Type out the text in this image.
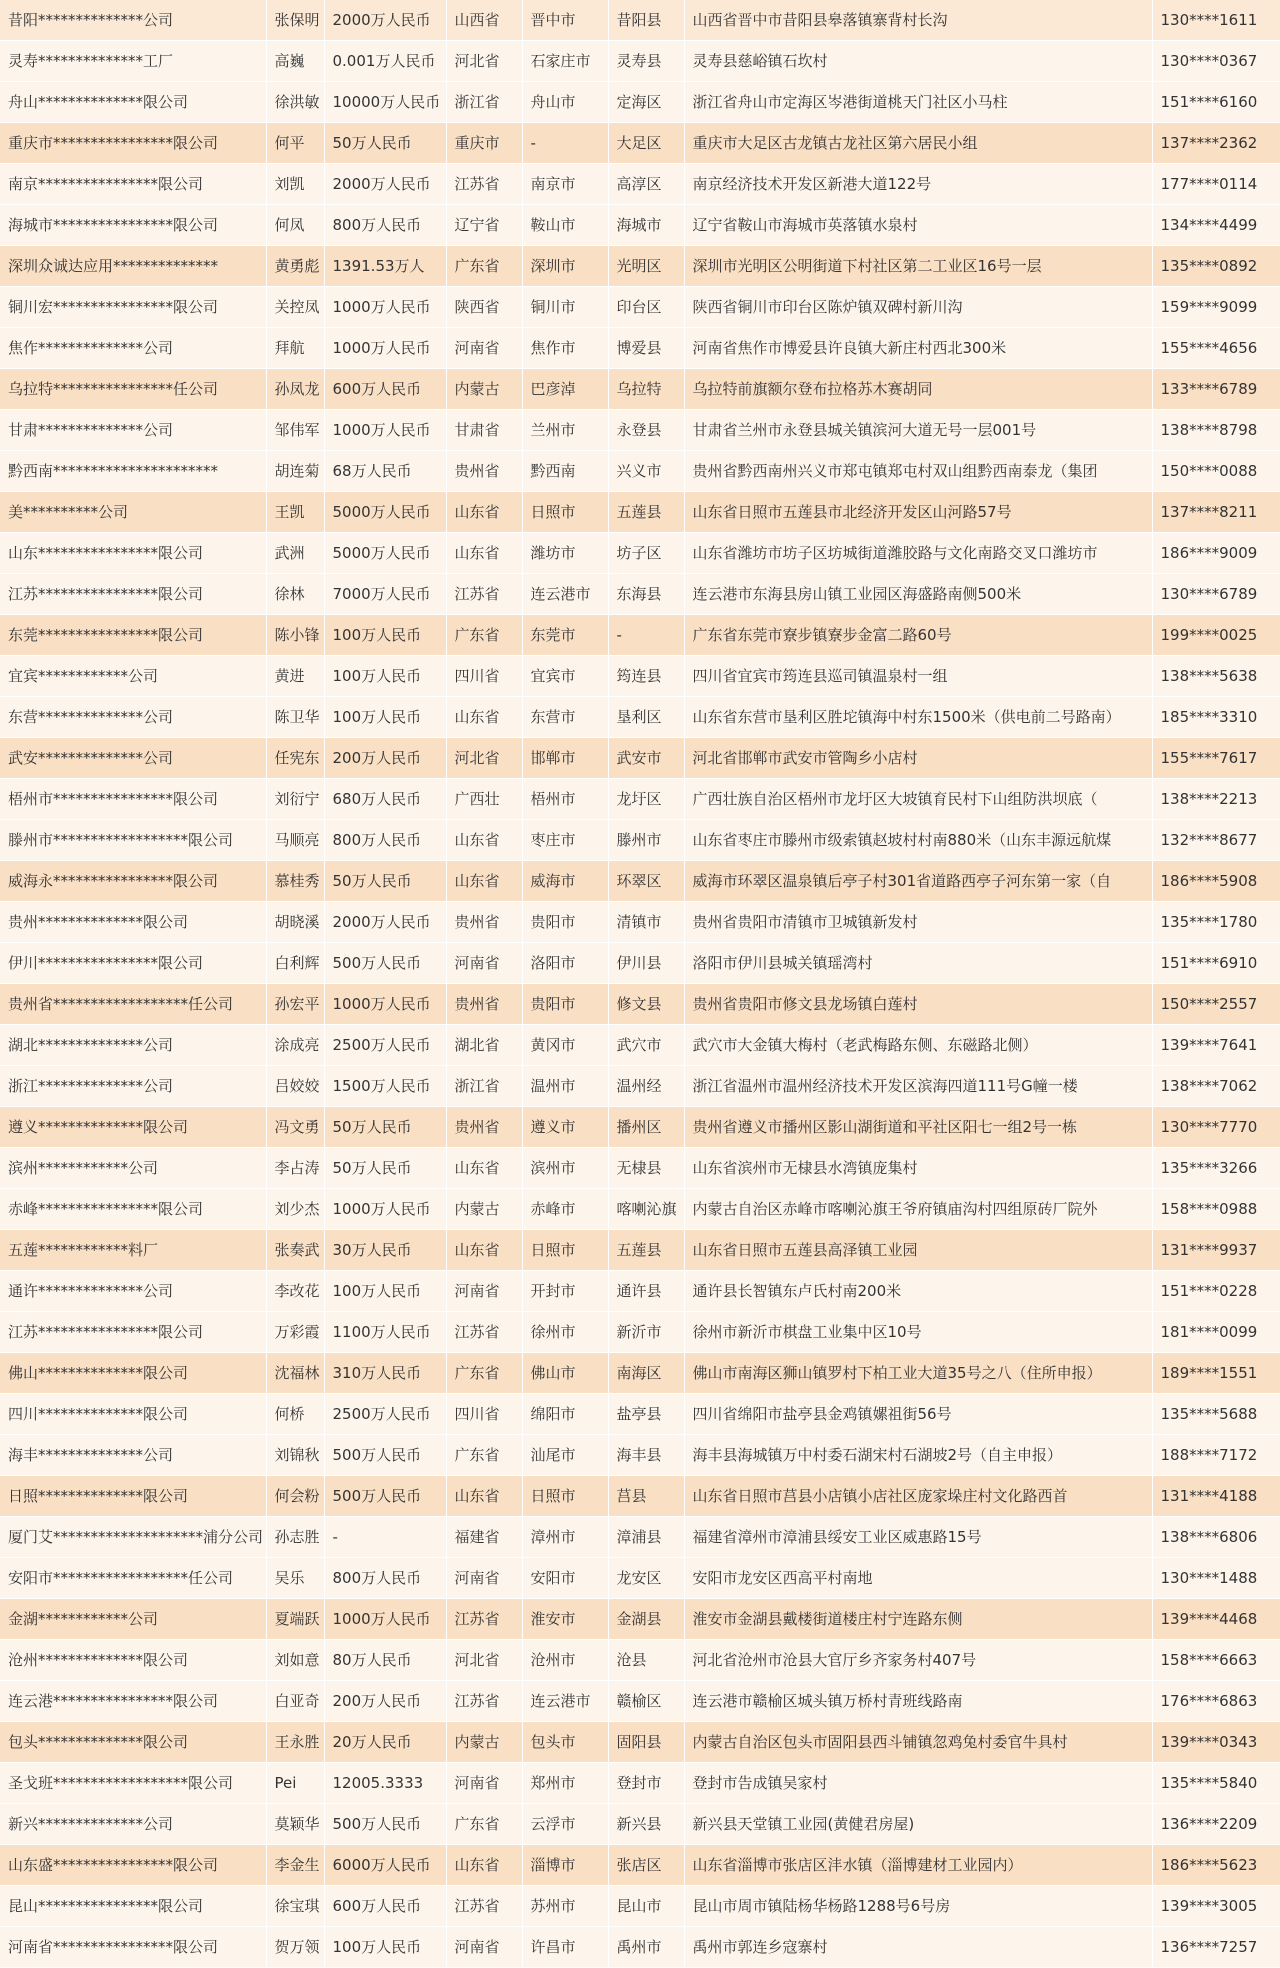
昔阳**************公司	张保明	2000万人民币	山西省	晋中市	昔阳县	山西省晋中市昔阳县皋落镇寨背村长沟	130****1611
灵寿**************工厂	高巍	0.001万人民币	河北省	石家庄市	灵寿县	灵寿县慈峪镇石坎村	130****0367
舟山**************限公司	徐洪敏	10000万人民币	浙江省	舟山市	定海区	浙江省舟山市定海区岑港街道桃天门社区小马柱	151****6160
重庆市****************限公司	何平	50万人民币	重庆市	-	大足区	重庆市大足区古龙镇古龙社区第六居民小组	137****2362
南京****************限公司	刘凯	2000万人民币	江苏省	南京市	高淳区	南京经济技术开发区新港大道122号	177****0114
海城市****************限公司	何凤	800万人民币	辽宁省	鞍山市	海城市	辽宁省鞍山市海城市英落镇水泉村	134****4499
深圳众诚达应用**************	黄勇彪	1391.53万人	广东省	深圳市	光明区	深圳市光明区公明街道下村社区第二工业区16号一层	135****0892
铜川宏****************限公司	关控凤	1000万人民币	陕西省	铜川市	印台区	陕西省铜川市印台区陈炉镇双碑村新川沟	159****9099
焦作**************公司	拜航	1000万人民币	河南省	焦作市	博爱县	河南省焦作市博爱县许良镇大新庄村西北300米	155****4656
乌拉特****************任公司	孙凤龙	600万人民币	内蒙古	巴彦淖	乌拉特	乌拉特前旗额尔登布拉格苏木赛胡同	133****6789
甘肃**************公司	邹伟军	1000万人民币	甘肃省	兰州市	永登县	甘肃省兰州市永登县城关镇滨河大道无号一层001号	138****8798
黔西南**********************	胡连菊	68万人民币	贵州省	黔西南	兴义市	贵州省黔西南州兴义市郑屯镇郑屯村双山组黔西南泰龙（集团	150****0088
美**********公司	王凯	5000万人民币	山东省	日照市	五莲县	山东省日照市五莲县市北经济开发区山河路57号	137****8211
山东****************限公司	武洲	5000万人民币	山东省	潍坊市	坊子区	山东省潍坊市坊子区坊城街道潍胶路与文化南路交叉口潍坊市	186****9009
江苏****************限公司	徐林	7000万人民币	江苏省	连云港市	东海县	连云港市东海县房山镇工业园区海盛路南侧500米	130****6789
东莞****************限公司	陈小锋	100万人民币	广东省	东莞市	-	广东省东莞市寮步镇寮步金富二路60号	199****0025
宜宾************公司	黄进	100万人民币	四川省	宜宾市	筠连县	四川省宜宾市筠连县巡司镇温泉村一组	138****5638
东营**************公司	陈卫华	100万人民币	山东省	东营市	垦利区	山东省东营市垦利区胜坨镇海中村东1500米（供电前二号路南）	185****3310
武安**************公司	任宪东	200万人民币	河北省	邯郸市	武安市	河北省邯郸市武安市管陶乡小店村	155****7617
梧州市****************限公司	刘衍宁	680万人民币	广西壮	梧州市	龙圩区	广西壮族自治区梧州市龙圩区大坡镇育民村下山组防洪坝底（	138****2213
滕州市******************限公司	马顺亮	800万人民币	山东省	枣庄市	滕州市	山东省枣庄市滕州市级索镇赵坡村村南880米（山东丰源远航煤	132****8677
威海永****************限公司	慕桂秀	50万人民币	山东省	威海市	环翠区	威海市环翠区温泉镇后亭子村301省道路西亭子河东第一家（自	186****5908
贵州**************限公司	胡晓溪	2000万人民币	贵州省	贵阳市	清镇市	贵州省贵阳市清镇市卫城镇新发村	135****1780
伊川****************限公司	白利辉	500万人民币	河南省	洛阳市	伊川县	洛阳市伊川县城关镇瑶湾村	151****6910
贵州省******************任公司	孙宏平	1000万人民币	贵州省	贵阳市	修文县	贵州省贵阳市修文县龙场镇白莲村	150****2557
湖北**************公司	涂成亮	2500万人民币	湖北省	黄冈市	武穴市	武穴市大金镇大梅村（老武梅路东侧、东磁路北侧）	139****7641
浙江**************公司	吕姣姣	1500万人民币	浙江省	温州市	温州经	浙江省温州市温州经济技术开发区滨海四道111号G幢一楼	138****7062
遵义**************限公司	冯文勇	50万人民币	贵州省	遵义市	播州区	贵州省遵义市播州区影山湖街道和平社区阳七一组2号一栋	130****7770
滨州************公司	李占涛	50万人民币	山东省	滨州市	无棣县	山东省滨州市无棣县水湾镇庞集村	135****3266
赤峰****************限公司	刘少杰	1000万人民币	内蒙古	赤峰市	喀喇沁旗	内蒙古自治区赤峰市喀喇沁旗王爷府镇庙沟村四组原砖厂院外	158****0988
五莲************料厂	张奏武	30万人民币	山东省	日照市	五莲县	山东省日照市五莲县高泽镇工业园	131****9937
通许**************公司	李改花	100万人民币	河南省	开封市	通许县	通许县长智镇东卢氏村南200米	151****0228
江苏****************限公司	万彩霞	1100万人民币	江苏省	徐州市	新沂市	徐州市新沂市棋盘工业集中区10号	181****0099
佛山**************限公司	沈福林	310万人民币	广东省	佛山市	南海区	佛山市南海区狮山镇罗村下柏工业大道35号之八（住所申报）	189****1551
四川**************限公司	何桥	2500万人民币	四川省	绵阳市	盐亭县	四川省绵阳市盐亭县金鸡镇嫘祖街56号	135****5688
海丰**************公司	刘锦秋	500万人民币	广东省	汕尾市	海丰县	海丰县海城镇万中村委石湖宋村石湖坡2号（自主申报）	188****7172
日照**************限公司	何会粉	500万人民币	山东省	日照市	莒县	山东省日照市莒县小店镇小店社区庞家垛庄村文化路西首	131****4188
厦门艾********************浦分公司	孙志胜	-	福建省	漳州市	漳浦县	福建省漳州市漳浦县绥安工业区威惠路15号	138****6806
安阳市******************任公司	吴乐	800万人民币	河南省	安阳市	龙安区	安阳市龙安区西高平村南地	130****1488
金湖************公司	夏端跃	1000万人民币	江苏省	淮安市	金湖县	淮安市金湖县戴楼街道楼庄村宁连路东侧	139****4468
沧州**************限公司	刘如意	80万人民币	河北省	沧州市	沧县	河北省沧州市沧县大官厅乡齐家务村407号	158****6663
连云港****************限公司	白亚奇	200万人民币	江苏省	连云港市	赣榆区	连云港市赣榆区城头镇万桥村青班线路南	176****6863
包头**************限公司	王永胜	20万人民币	内蒙古	包头市	固阳县	内蒙古自治区包头市固阳县西斗铺镇忽鸡兔村委官牛具村	139****0343
圣戈班******************限公司	Pei	12005.3333	河南省	郑州市	登封市	登封市告成镇吴家村	135****5840
新兴**************公司	莫颖华	500万人民币	广东省	云浮市	新兴县	新兴县天堂镇工业园(黄健君房屋)	136****2209
山东盛****************限公司	李金生	6000万人民币	山东省	淄博市	张店区	山东省淄博市张店区沣水镇（淄博建材工业园内）	186****5623
昆山****************限公司	徐宝琪	600万人民币	江苏省	苏州市	昆山市	昆山市周市镇陆杨华杨路1288号6号房	139****3005
河南省****************限公司	贺万领	100万人民币	河南省	许昌市	禹州市	禹州市郭连乡寇寨村	136****7257
